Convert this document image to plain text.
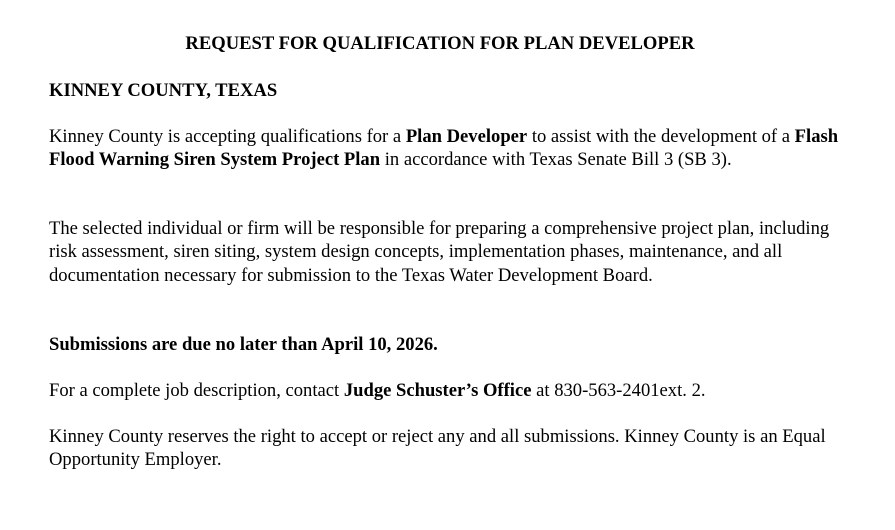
REQUEST FOR QUALIFICATION FOR PLAN DEVELOPER

KINNEY COUNTY, TEXAS

Kinney County is accepting qualifications for a Plan Developer to assist with the development of a Flash Flood Warning Siren System Project Plan in accordance with Texas Senate Bill 3 (SB 3).

The selected individual or firm will be responsible for preparing a comprehensive project plan, including risk assessment, siren siting, system design concepts, implementation phases, maintenance, and all documentation necessary for submission to the Texas Water Development Board.

Submissions are due no later than April 10, 2026.

For a complete job description, contact Judge Schuster’s Office at 830-563-2401ext. 2.

Kinney County reserves the right to accept or reject any and all submissions. Kinney County is an Equal Opportunity Employer.
